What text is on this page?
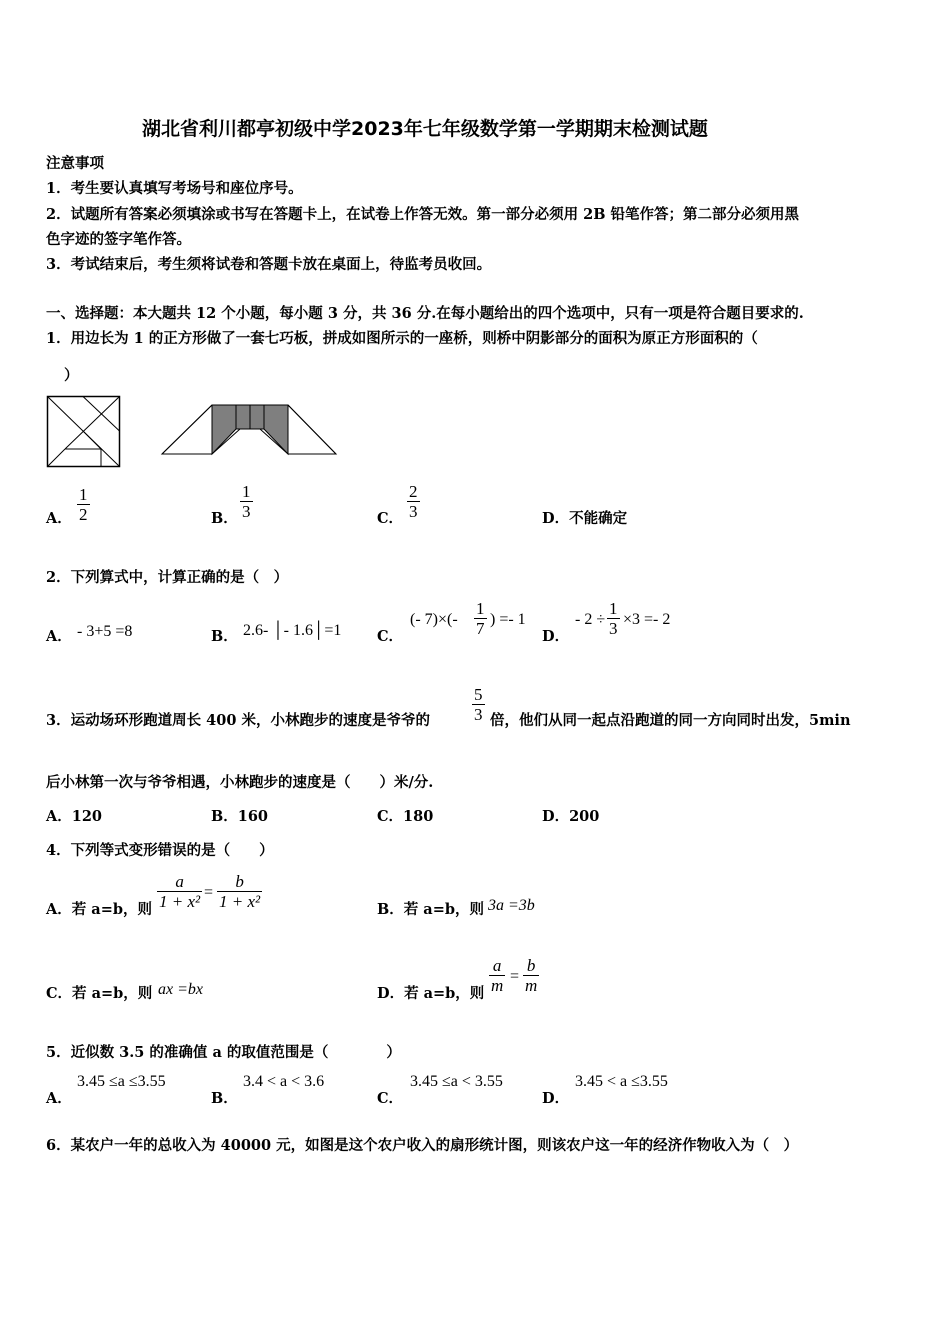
湖北省利川都亭初级中学2023年七年级数学第一学期期末检测试题
注意事项
1．考生要认真填写考场号和座位序号。
2．试题所有答案必须填涂或书写在答题卡上，在试卷上作答无效。第一部分必须用 2B 铅笔作答；第二部分必须用黑
色字迹的签字笔作答。
3．考试结束后，考生须将试卷和答题卡放在桌面上，待监考员收回。
一、选择题：本大题共 12 个小题，每小题 3 分，共 36 分.在每小题给出的四个选项中，只有一项是符合题目要求的.
1．用边长为 1 的正方形做了一套七巧板，拼成如图所示的一座桥，则桥中阴影部分的面积为原正方形面积的（
）
A．
1
2	B．
1
3	C．
2
3	D．不能确定
2．下列算式中，计算正确的是（　）
A． - 3+5 =8	B． 2.6- │- 1.6│=1 C．
(- 7)×(-
1
7 ) =- 1
D．
- 2 ÷
1
3 ×3 =- 2
3．运动场环形跑道周长 400 米，小林跑步的速度是爷爷的
5
3 倍，他们从同一起点沿跑道的同一方向同时出发，5min
后小林第一次与爷爷相遇，小林跑步的速度是（　　）米/分.
A．120	B．160	C．180	D．200
4．下列等式变形错误的是（　　）
A．若 a=b，则
a
1 + x² =
b
1 + x²	B．若 a=b，则 3a =3b
C．若 a=b，则 ax =bx	D．若 a=b，则
a
m =
b
m
5．近似数 3.5 的准确值 a 的取值范围是（　　　　）
A．
3.45 ≤a ≤3.55
B．
3.4 < a < 3.6
C．
3.45 ≤a < 3.55
D．
3.45 < a ≤3.55
6．某农户一年的总收入为 40000 元，如图是这个农户收入的扇形统计图，则该农户这一年的经济作物收入为（　）
